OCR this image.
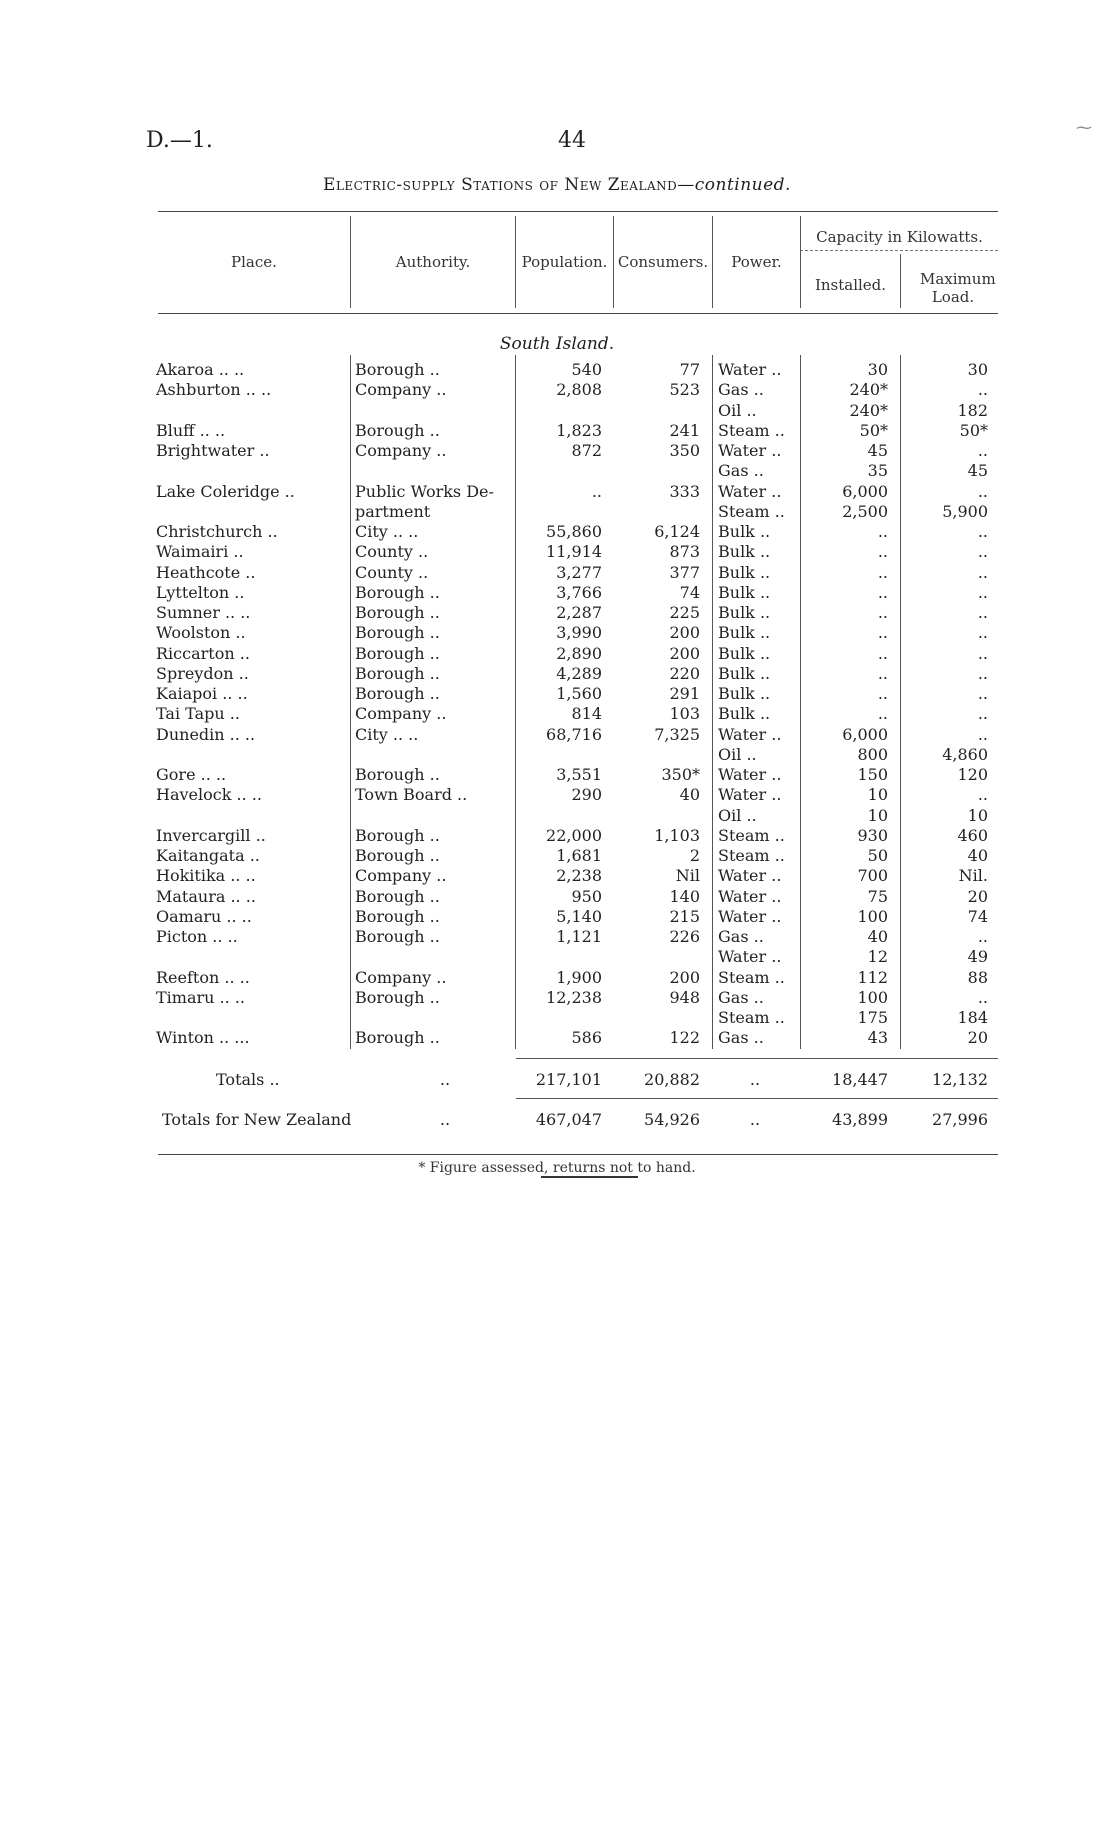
D.—1.	44
⁓
Electric-supply Stations of New Zealand—continued.
Place.	Authority.	Population. Consumers.	Power.
Capacity in Kilowatts.
Installed.	Maximum Load.
South Island.
Akaroa .. ..	Borough ..	540	77 Water ..	30	30
Ashburton .. ..	Company ..	2,808	523 Gas ..	240*	..
Oil ..	240*	182
Bluff .. ..	Borough ..	1,823	241 Steam ..	50*	50*
Brightwater ..	Company ..	872	350 Water ..	45	..
Gas ..	35	45
Lake Coleridge ..	Public Works De-	..	333 Water ..	6,000	..
partment	Steam ..	2,500	5,900
Christchurch ..	City .. ..	55,860	6,124 Bulk ..	..	..
Waimairi ..	County ..	11,914	873 Bulk ..	..	..
Heathcote ..	County ..	3,277	377 Bulk ..	..	..
Lyttelton ..	Borough ..	3,766	74 Bulk ..	..	..
Sumner .. ..	Borough ..	2,287	225 Bulk ..	..	..
Woolston ..	Borough ..	3,990	200 Bulk ..	..	..
Riccarton ..	Borough ..	2,890	200 Bulk ..	..	..
Spreydon ..	Borough ..	4,289	220 Bulk ..	..	..
Kaiapoi .. ..	Borough ..	1,560	291 Bulk ..	..	..
Tai Tapu ..	Company ..	814	103 Bulk ..	..	..
Dunedin .. ..	City .. ..	68,716	7,325 Water ..	6,000	..
Oil ..	800	4,860
Gore .. ..	Borough ..	3,551	350* Water ..	150	120
Havelock .. ..	Town Board ..	290	40 Water ..	10	..
Oil ..	10	10
Invercargill ..	Borough ..	22,000	1,103 Steam ..	930	460
Kaitangata ..	Borough ..	1,681	2 Steam ..	50	40
Hokitika .. ..	Company ..	2,238	Nil Water ..	700	Nil.
Mataura .. ..	Borough ..	950	140 Water ..	75	20
Oamaru .. ..	Borough ..	5,140	215 Water ..	100	74
Picton .. ..	Borough ..	1,121	226 Gas ..	40	..
Water ..	12	49
Reefton .. ..	Company ..	1,900	200 Steam ..	112	88
Timaru .. ..	Borough ..	12,238	948 Gas ..	100	..
Steam ..	175	184
Winton .. ...	Borough ..	586	122 Gas ..	43	20
Totals ..	..	217,101	20,882	..	18,447	12,132
Totals for New Zealand	..	467,047	54,926	..	43,899	27,996
* Figure assessed, returns not to hand.
